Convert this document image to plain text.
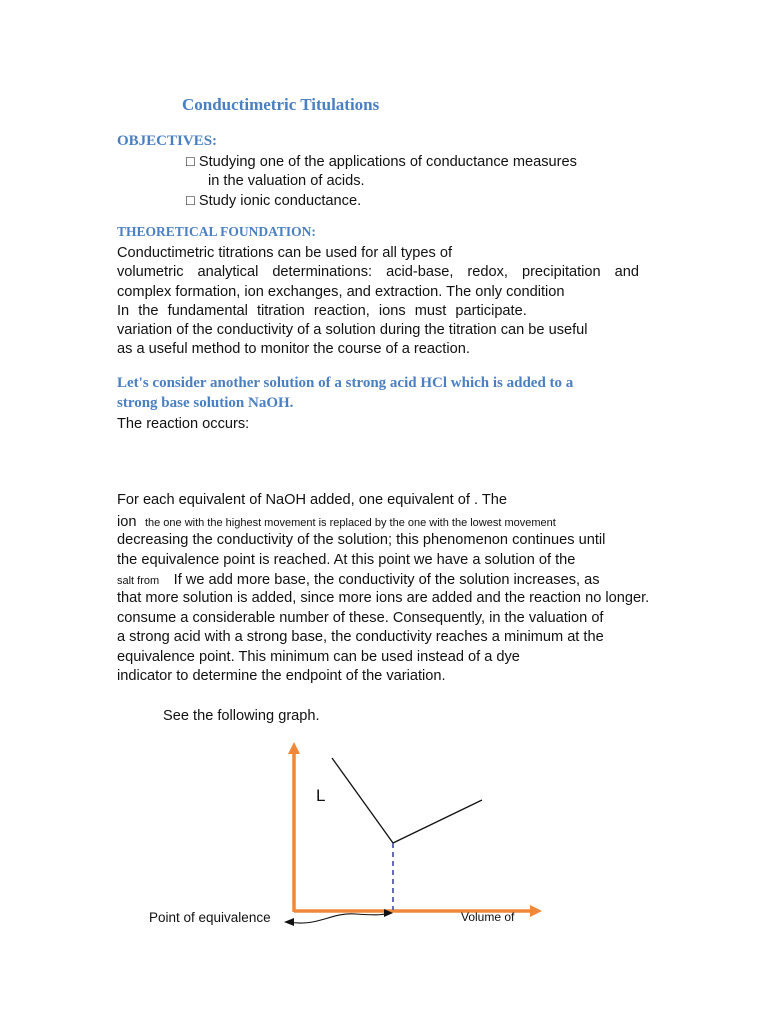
Conductimetric Titulations
OBJECTIVES:
□ Studying one of the applications of conductance measures
in the valuation of acids.
□ Study ionic conductance.
THEORETICAL FOUNDATION:
Conductimetric titrations can be used for all types of
volumetric analytical determinations: acid-base, redox, precipitation and
complex formation, ion exchanges, and extraction. The only condition
In the fundamental titration reaction, ions must participate.
variation of the conductivity of a solution during the titration can be useful
as a useful method to monitor the course of a reaction.
Let's consider another solution of a strong acid HCl which is added to a
strong base solution NaOH.
The reaction occurs:
For each equivalent of NaOH added, one equivalent of . The
ion the one with the highest movement is replaced by the one with the lowest movement
decreasing the conductivity of the solution; this phenomenon continues until
the equivalence point is reached. At this point we have a solution of the
salt from If we add more base, the conductivity of the solution increases, as
that more solution is added, since more ions are added and the reaction no longer.
consume a considerable number of these. Consequently, in the valuation of
a strong acid with a strong base, the conductivity reaches a minimum at the
equivalence point. This minimum can be used instead of a dye
indicator to determine the endpoint of the variation.
See the following graph.
L
Volume of
Point of equivalence
